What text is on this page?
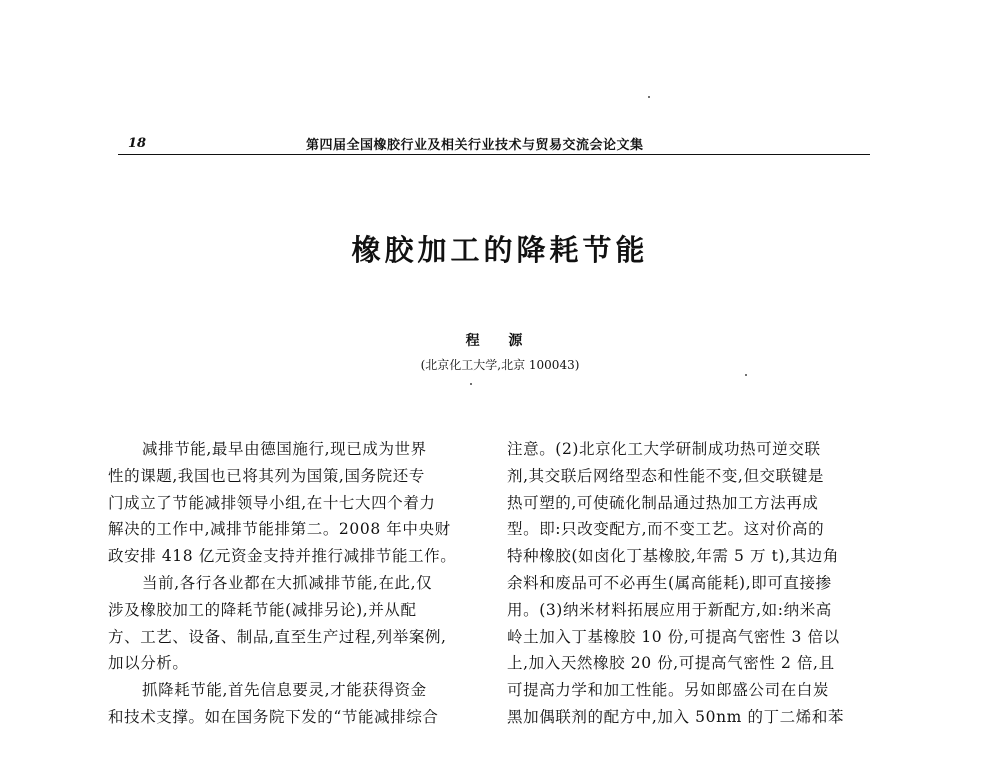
18	第四届全国橡胶行业及相关行业技术与贸易交流会论文集
橡胶加工的降耗节能
程 源
(北京化工大学,北京 100043)

减排节能,最早由德国施行,现已成为世界

性的课题,我国也已将其列为国策,国务院还专

门成立了节能减排领导小组,在十七大四个着力

解决的工作中,减排节能排第二。2008 年中央财

政安排 418 亿元资金支持并推行减排节能工作。

当前,各行各业都在大抓减排节能,在此,仅

涉及橡胶加工的降耗节能(减排另论),并从配

方、工艺、设备、制品,直至生产过程,列举案例,

加以分析。

抓降耗节能,首先信息要灵,才能获得资金

和技术支撑。如在国务院下发的“节能减排综合

注意。(2)北京化工大学研制成功热可逆交联

剂,其交联后网络型态和性能不变,但交联键是

热可塑的,可使硫化制品通过热加工方法再成

型。即:只改变配方,而不变工艺。这对价高的

特种橡胶(如卤化丁基橡胶,年需 5 万 t),其边角

余料和废品可不必再生(属高能耗),即可直接掺

用。(3)纳米材料拓展应用于新配方,如:纳米高

岭土加入丁基橡胶 10 份,可提高气密性 3 倍以

上,加入天然橡胶 20 份,可提高气密性 2 倍,且

可提高力学和加工性能。另如郎盛公司在白炭

黑加偶联剂的配方中,加入 50nm 的丁二烯和苯
